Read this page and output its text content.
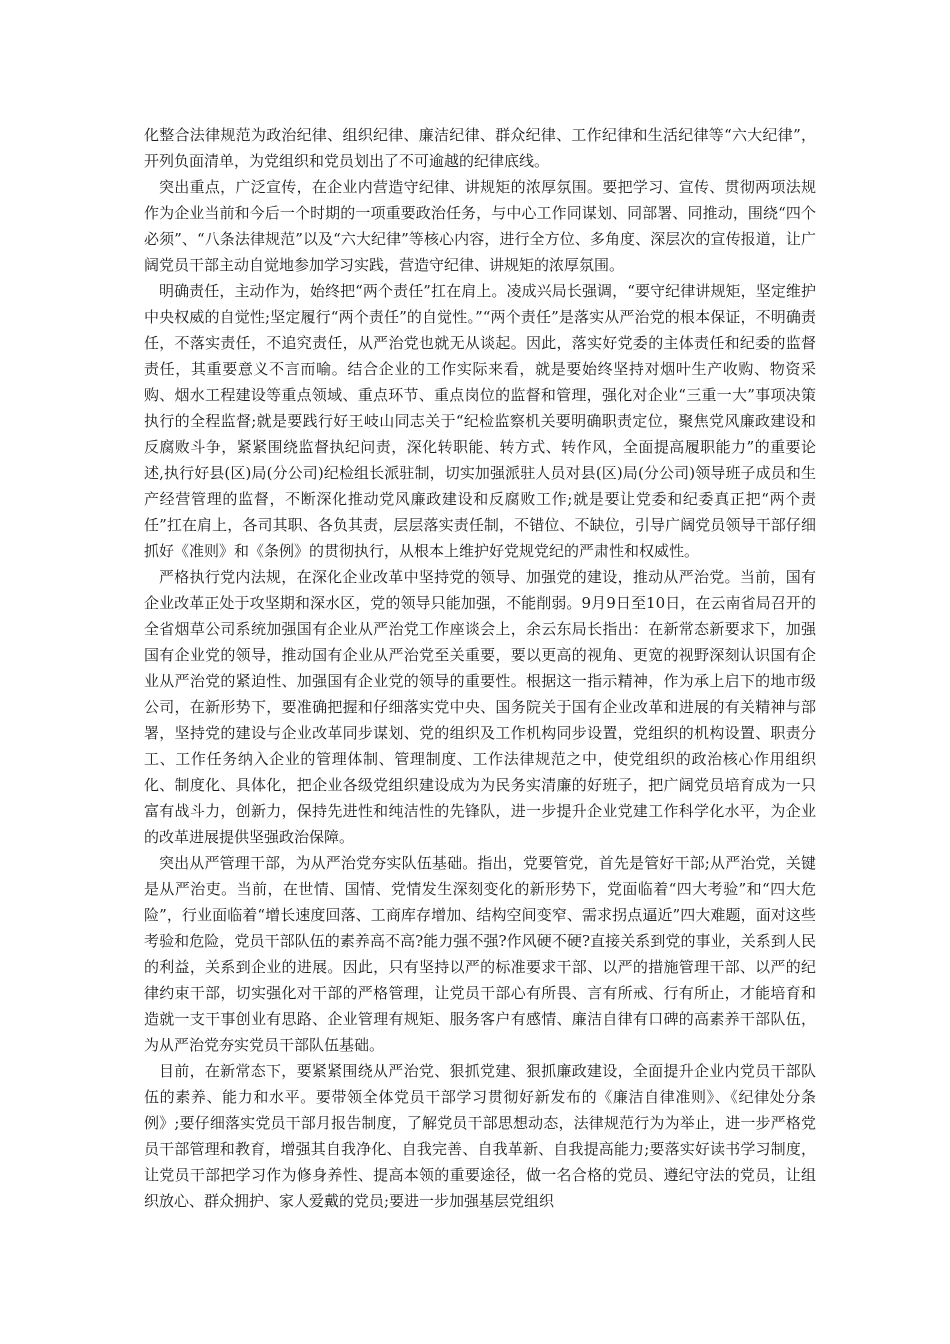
化整合法律规范为政治纪律、组织纪律、廉洁纪律、群众纪律、工作纪律和生活纪律等“六大纪律”，开列负面清单，为党组织和党员划出了不可逾越的纪律底线。

突出重点，广泛宣传，在企业内营造守纪律、讲规矩的浓厚氛围。要把学习、宣传、贯彻两项法规作为企业当前和今后一个时期的一项重要政治任务，与中心工作同谋划、同部署、同推动，围绕“四个必须”、“八条法律规范”以及“六大纪律”等核心内容，进行全方位、多角度、深层次的宣传报道，让广阔党员干部主动自觉地参加学习实践，营造守纪律、讲规矩的浓厚氛围。

明确责任，主动作为，始终把“两个责任”扛在肩上。凌成兴局长强调，“要守纪律讲规矩，坚定维护中央权威的自觉性;坚定履行“两个责任”的自觉性。”“两个责任”是落实从严治党的根本保证，不明确责任，不落实责任，不追究责任，从严治党也就无从谈起。因此，落实好党委的主体责任和纪委的监督责任，其重要意义不言而喻。结合企业的工作实际来看，就是要始终坚持对烟叶生产收购、物资采购、烟水工程建设等重点领域、重点环节、重点岗位的监督和管理，强化对企业“三重一大”事项决策执行的全程监督;就是要践行好王岐山同志关于“纪检监察机关要明确职责定位，聚焦党风廉政建设和反腐败斗争，紧紧围绕监督执纪问责，深化转职能、转方式、转作风，全面提高履职能力”的重要论述,执行好县(区)局(分公司)纪检组长派驻制，切实加强派驻人员对县(区)局(分公司)领导班子成员和生产经营管理的监督，不断深化推动党风廉政建设和反腐败工作;就是要让党委和纪委真正把“两个责任”扛在肩上，各司其职、各负其责，层层落实责任制，不错位、不缺位，引导广阔党员领导干部仔细抓好《准则》和《条例》的贯彻执行，从根本上维护好党规党纪的严肃性和权威性。

严格执行党内法规，在深化企业改革中坚持党的领导、加强党的建设，推动从严治党。当前，国有企业改革正处于攻坚期和深水区，党的领导只能加强，不能削弱。9月9日至10日，在云南省局召开的全省烟草公司系统加强国有企业从严治党工作座谈会上，余云东局长指出：在新常态新要求下，加强国有企业党的领导，推动国有企业从严治党至关重要，要以更高的视角、更宽的视野深刻认识国有企业从严治党的紧迫性、加强国有企业党的领导的重要性。根据这一指示精神，作为承上启下的地市级公司，在新形势下，要准确把握和仔细落实党中央、国务院关于国有企业改革和进展的有关精神与部署，坚持党的建设与企业改革同步谋划、党的组织及工作机构同步设置，党组织的机构设置、职责分工、工作任务纳入企业的管理体制、管理制度、工作法律规范之中，使党组织的政治核心作用组织化、制度化、具体化，把企业各级党组织建设成为为民务实清廉的好班子，把广阔党员培育成为一只富有战斗力，创新力，保持先进性和纯洁性的先锋队，进一步提升企业党建工作科学化水平，为企业的改革进展提供坚强政治保障。

突出从严管理干部，为从严治党夯实队伍基础。指出，党要管党，首先是管好干部;从严治党，关键是从严治吏。当前，在世情、国情、党情发生深刻变化的新形势下，党面临着“四大考验”和“四大危险”，行业面临着“增长速度回落、工商库存增加、结构空间变窄、需求拐点逼近”四大难题，面对这些考验和危险，党员干部队伍的素养高不高?能力强不强?作风硬不硬?直接关系到党的事业，关系到人民的利益，关系到企业的进展。因此，只有坚持以严的标准要求干部、以严的措施管理干部、以严的纪律约束干部，切实强化对干部的严格管理，让党员干部心有所畏、言有所戒、行有所止，才能培育和造就一支干事创业有思路、企业管理有规矩、服务客户有感情、廉洁自律有口碑的高素养干部队伍，为从严治党夯实党员干部队伍基础。

目前，在新常态下，要紧紧围绕从严治党、狠抓党建、狠抓廉政建设，全面提升企业内党员干部队伍的素养、能力和水平。要带领全体党员干部学习贯彻好新发布的《廉洁自律准则》、《纪律处分条例》;要仔细落实党员干部月报告制度，了解党员干部思想动态，法律规范行为为举止，进一步严格党员干部管理和教育，增强其自我净化、自我完善、自我革新、自我提高能力;要落实好读书学习制度，让党员干部把学习作为修身养性、提高本领的重要途径，做一名合格的党员、遵纪守法的党员，让组织放心、群众拥护、家人爱戴的党员;要进一步加强基层党组织
